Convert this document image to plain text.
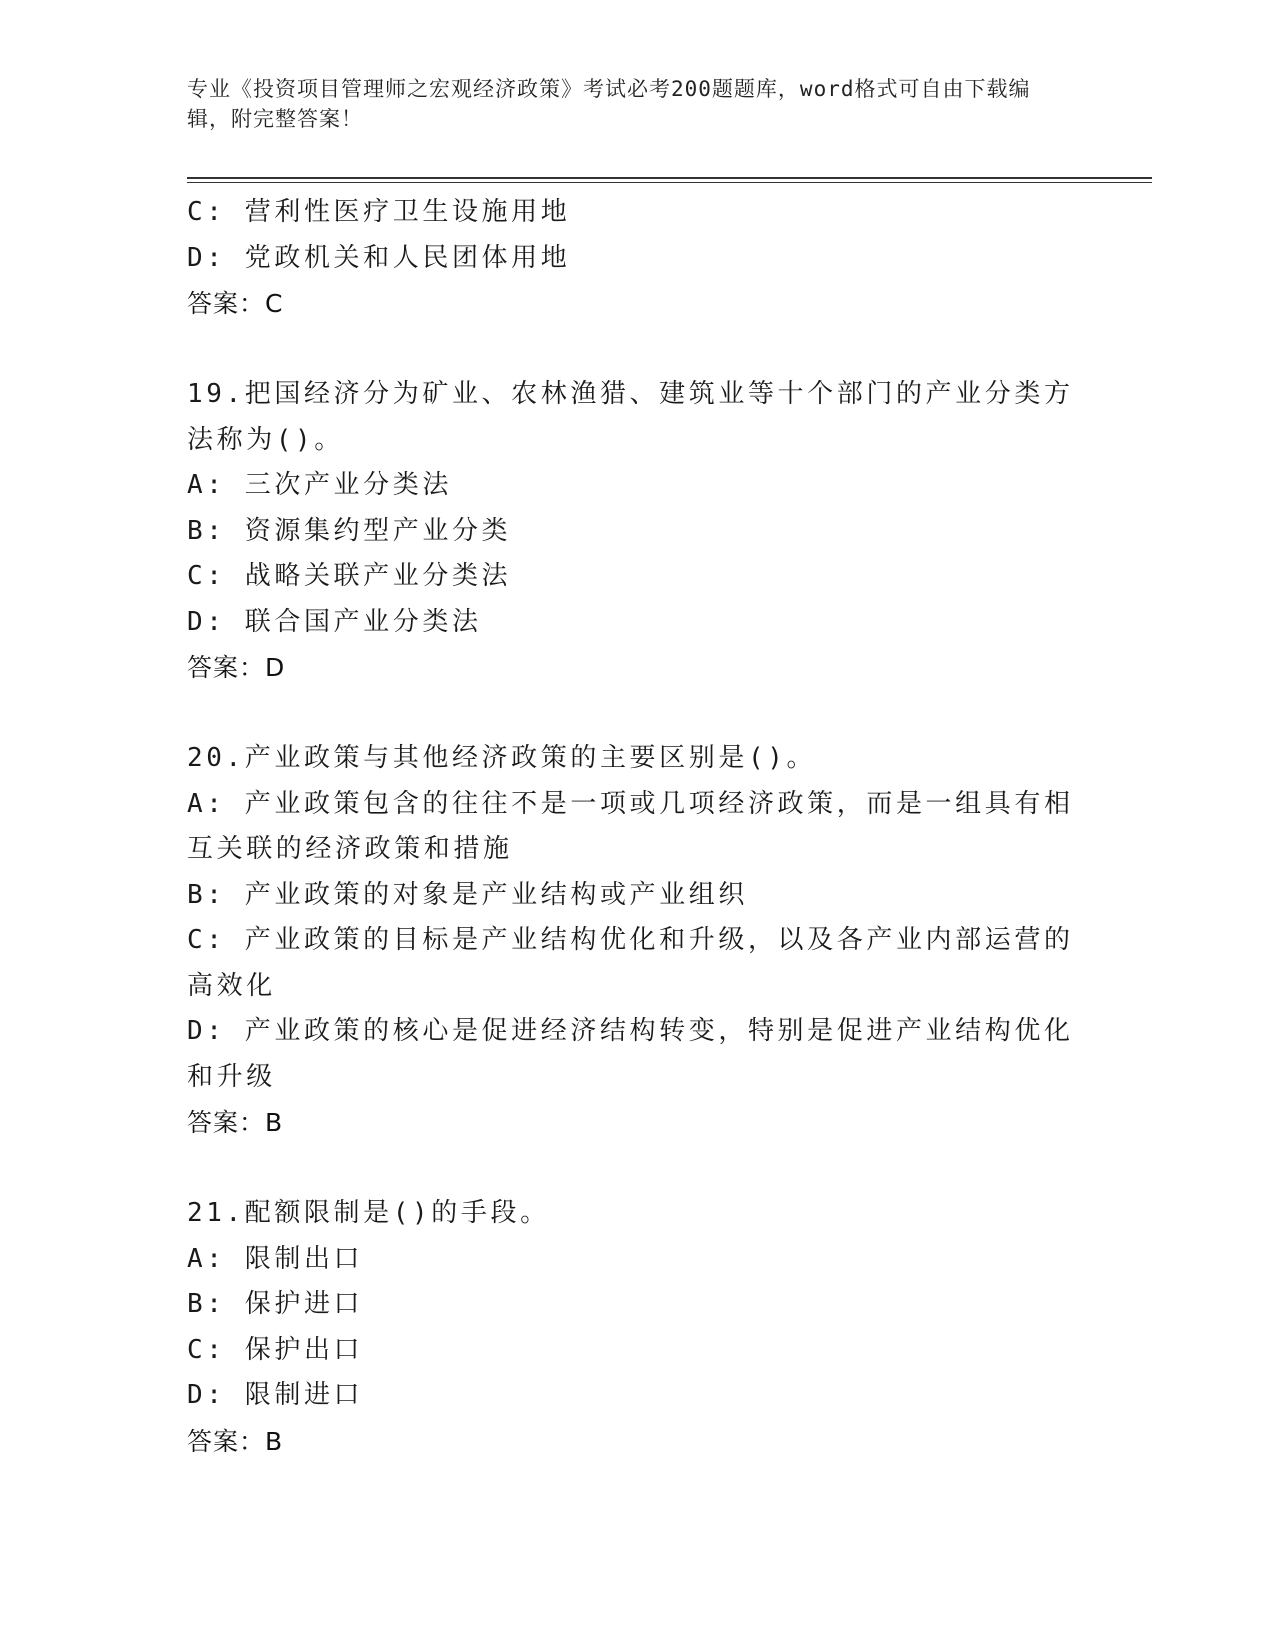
专业《投资项目管理师之宏观经济政策》考试必考200题题库，word格式可自由下载编辑，附完整答案！
C: 营利性医疗卫生设施用地
D: 党政机关和人民团体用地
答案：C
19.把国经济分为矿业、农林渔猎、建筑业等十个部门的产业分类方法称为()。
A: 三次产业分类法
B: 资源集约型产业分类
C: 战略关联产业分类法
D: 联合国产业分类法
答案：D
20.产业政策与其他经济政策的主要区别是()。
A: 产业政策包含的往往不是一项或几项经济政策，而是一组具有相互关联的经济政策和措施
B: 产业政策的对象是产业结构或产业组织
C: 产业政策的目标是产业结构优化和升级，以及各产业内部运营的高效化
D: 产业政策的核心是促进经济结构转变，特别是促进产业结构优化和升级
答案：B
21.配额限制是()的手段。
A: 限制出口
B: 保护进口
C: 保护出口
D: 限制进口
答案：B
